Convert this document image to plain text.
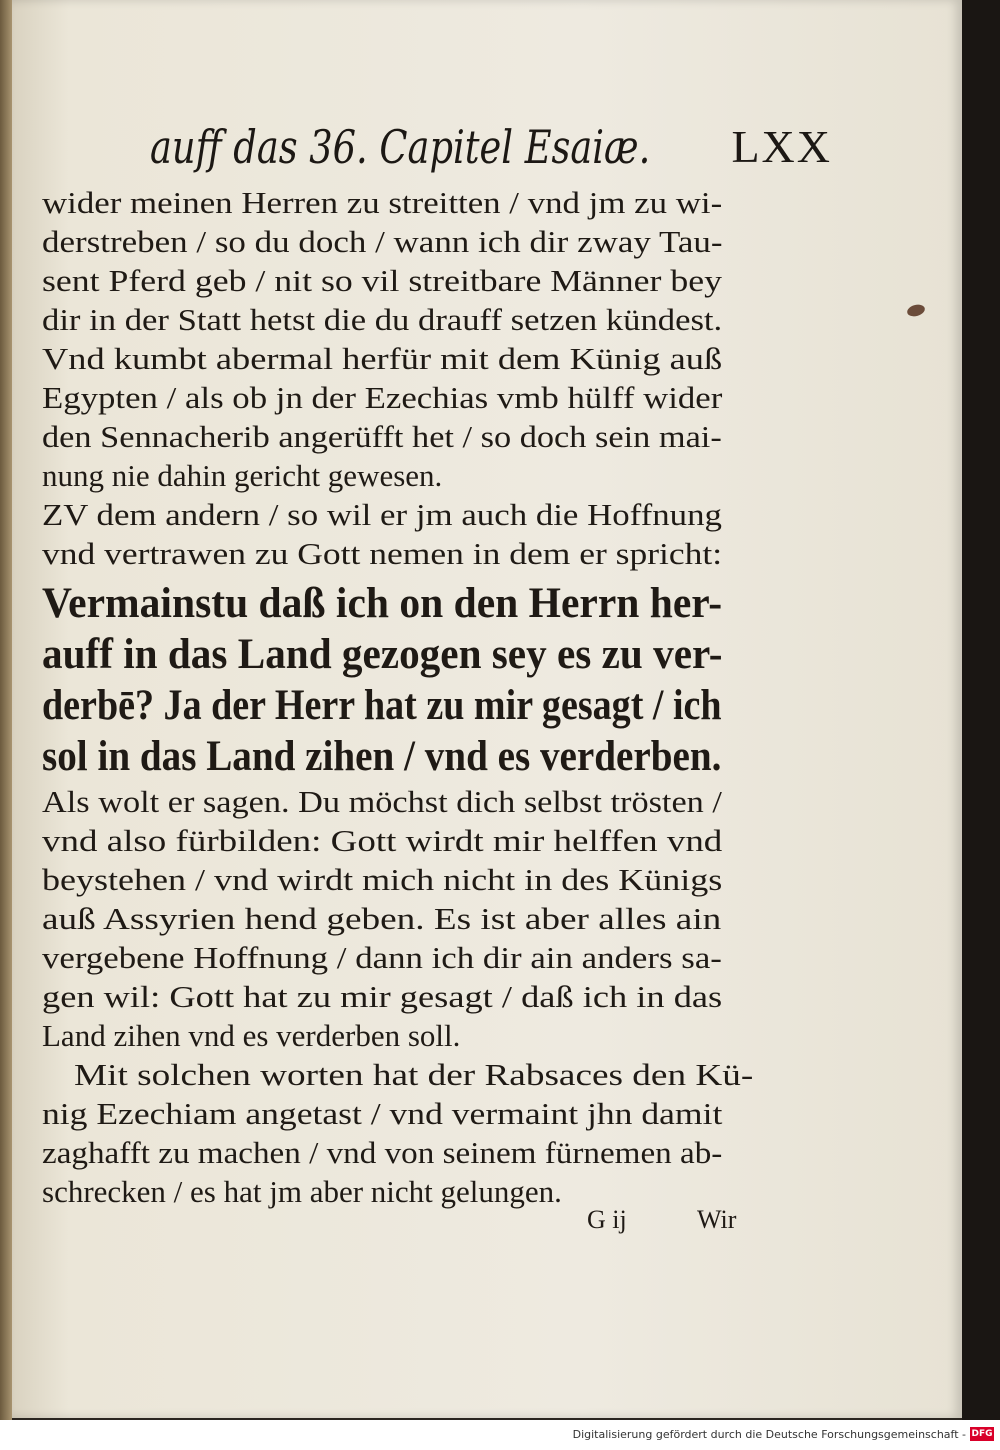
auff das 36. Capitel Esaiæ. LXX
wider meinen Herren zu streitten / vnd jm zu wi-
derstreben / so du doch / wann ich dir zway Tau-
sent Pferd geb / nit so vil streitbare Männer bey
dir in der Statt hetst die du drauff setzen kündest.
Vnd kumbt abermal herfür mit dem Künig auß
Egypten / als ob jn der Ezechias vmb hülff wider
den Sennacherib angerüfft het / so doch sein mai-
nung nie dahin gericht gewesen.
ZV dem andern / so wil er jm auch die Hoffnung
vnd vertrawen zu Gott nemen in dem er spricht:
Vermainstu daß ich on den Herrn her-
auff in das Land gezogen sey es zu ver-
derbē? Ja der Herr hat zu mir gesagt / ich
sol in das Land zihen / vnd es verderben.
Als wolt er sagen. Du möchst dich selbst trösten /
vnd also fürbilden: Gott wirdt mir helffen vnd
beystehen / vnd wirdt mich nicht in des Künigs
auß Assyrien hend geben. Es ist aber alles ain
vergebene Hoffnung / dann ich dir ain anders sa-
gen wil: Gott hat zu mir gesagt / daß ich in das
Land zihen vnd es verderben soll.
Mit solchen worten hat der Rabsaces den Kü-
nig Ezechiam angetast / vnd vermaint jhn damit
zaghafft zu machen / vnd von seinem fürnemen ab-
schrecken / es hat jm aber nicht gelungen.
G ij	Wir
Digitalisierung gefördert durch die Deutsche Forschungsgemeinschaft - DFG
